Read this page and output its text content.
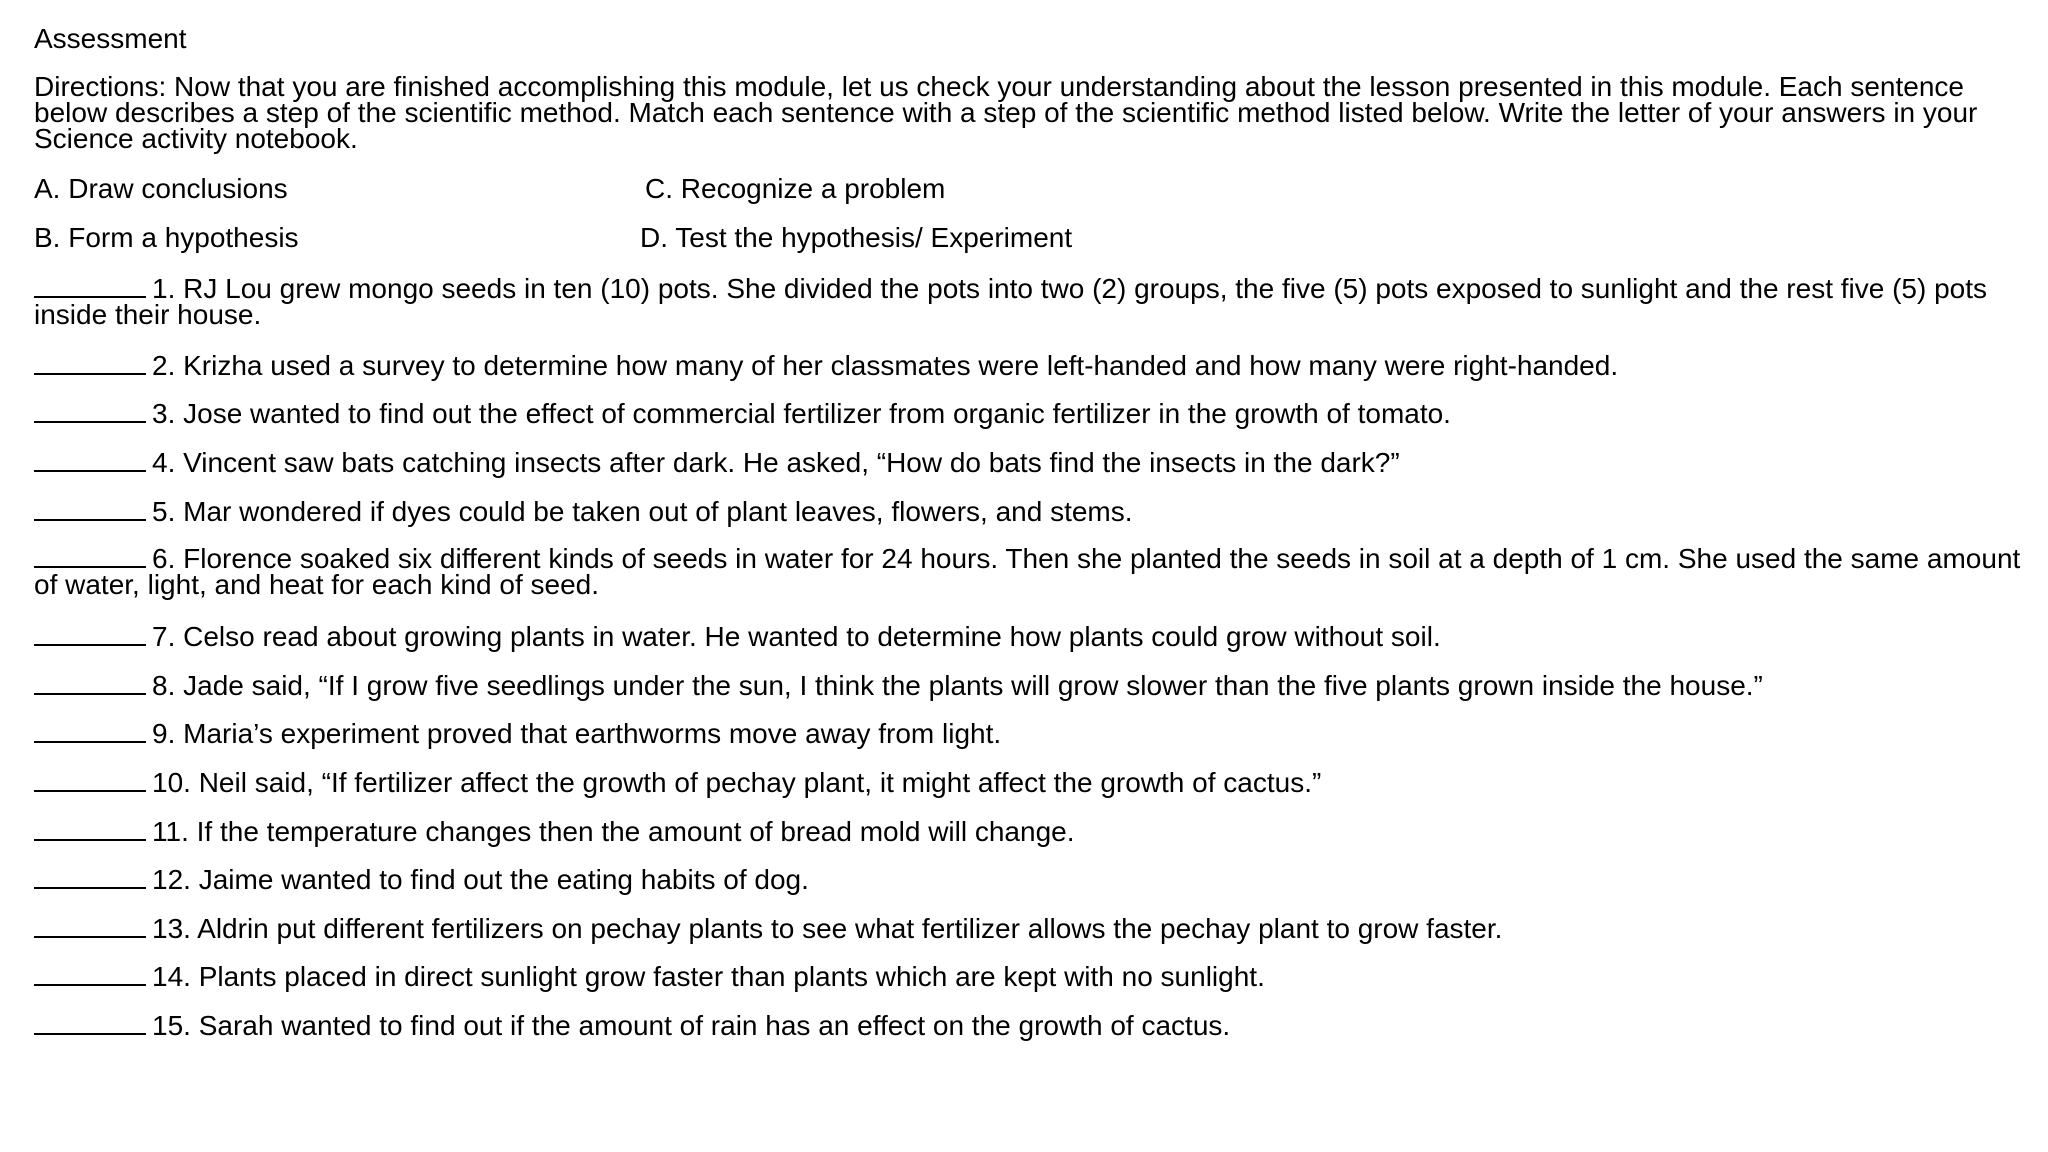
Assessment
Directions: Now that you are finished accomplishing this module, let us check your understanding about the lesson presented in this module. Each sentence below describes a step of the scientific method. Match each sentence with a step of the scientific method listed below. Write the letter of your answers in your Science activity notebook.
A. Draw conclusions	C. Recognize a problem
B. Form a hypothesis	D. Test the hypothesis/ Experiment
1. RJ Lou grew mongo seeds in ten (10) pots. She divided the pots into two (2) groups, the five (5) pots exposed to sunlight and the rest five (5) pots inside their house.
2. Krizha used a survey to determine how many of her classmates were left-handed and how many were right-handed.
3. Jose wanted to find out the effect of commercial fertilizer from organic fertilizer in the growth of tomato.
4. Vincent saw bats catching insects after dark. He asked, “How do bats find the insects in the dark?”
5. Mar wondered if dyes could be taken out of plant leaves, flowers, and stems.
6. Florence soaked six different kinds of seeds in water for 24 hours. Then she planted the seeds in soil at a depth of 1 cm. She used the same amount of water, light, and heat for each kind of seed.
7. Celso read about growing plants in water. He wanted to determine how plants could grow without soil.
8. Jade said, “If I grow five seedlings under the sun, I think the plants will grow slower than the five plants grown inside the house.”
9. Maria’s experiment proved that earthworms move away from light.
10. Neil said, “If fertilizer affect the growth of pechay plant, it might affect the growth of cactus.”
11. If the temperature changes then the amount of bread mold will change.
12. Jaime wanted to find out the eating habits of dog.
13. Aldrin put different fertilizers on pechay plants to see what fertilizer allows the pechay plant to grow faster.
14. Plants placed in direct sunlight grow faster than plants which are kept with no sunlight.
15. Sarah wanted to find out if the amount of rain has an effect on the growth of cactus.
